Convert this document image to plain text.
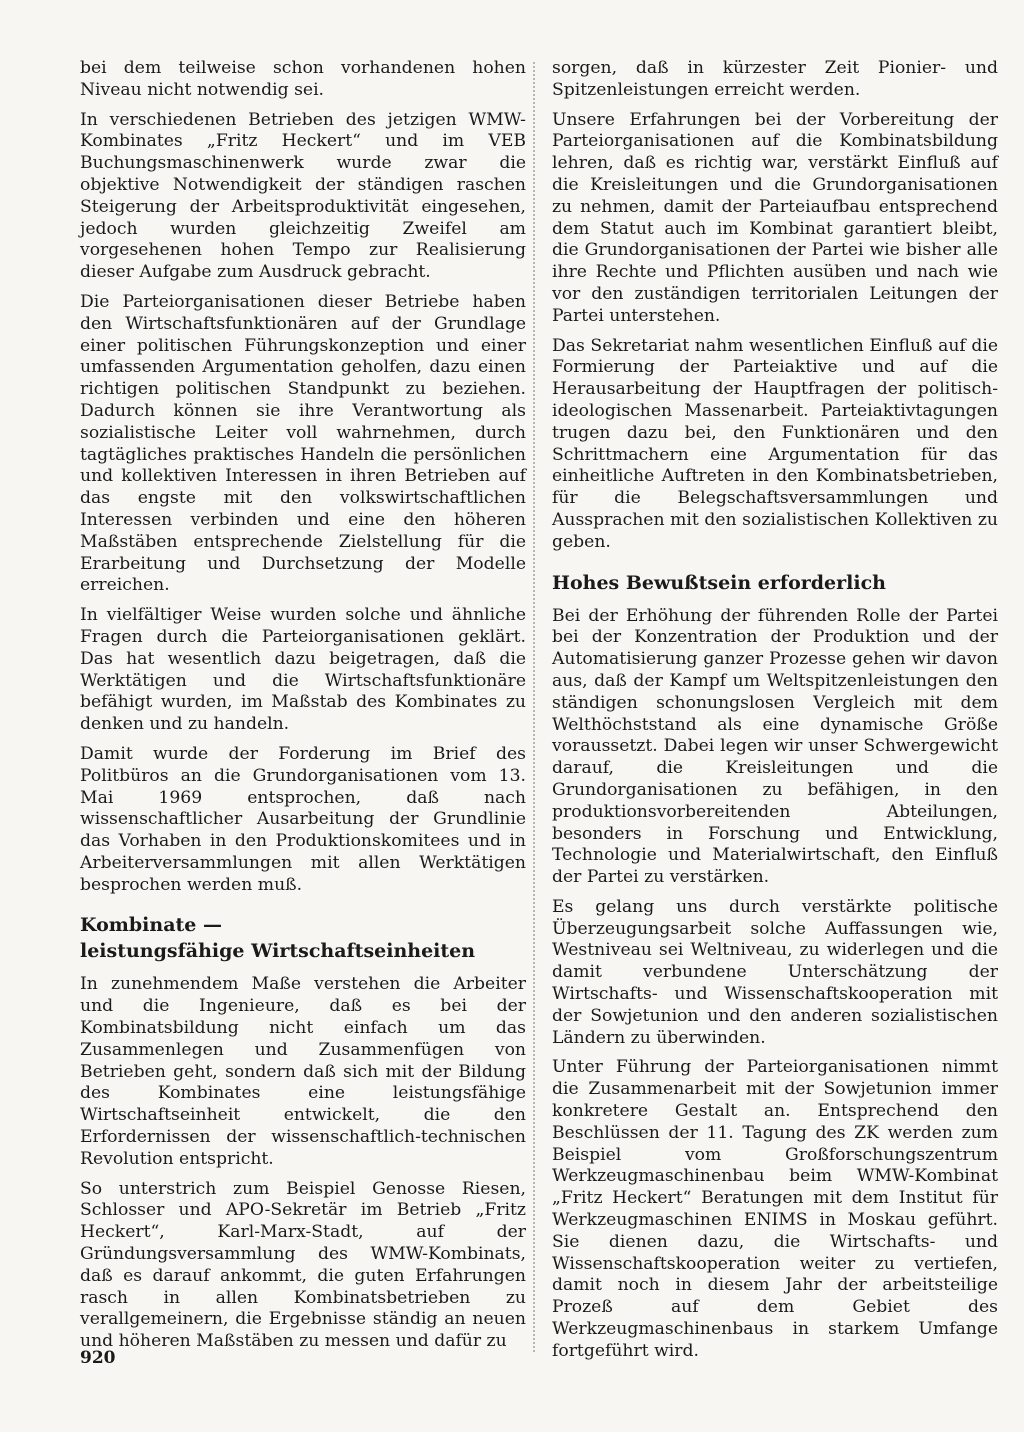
bei dem teilweise schon vorhandenen hohen Niveau nicht notwendig sei.

In verschiedenen Betrieben des jetzigen WMW-Kombinates „Fritz Heckert“ und im VEB Buchungsmaschinenwerk wurde zwar die objektive Notwendigkeit der ständigen raschen Steigerung der Arbeitsproduktivität eingesehen, jedoch wurden gleichzeitig Zweifel am vorgesehenen hohen Tempo zur Realisierung dieser Aufgabe zum Ausdruck gebracht.

Die Parteiorganisationen dieser Betriebe haben den Wirtschaftsfunktionären auf der Grundlage einer politischen Führungskonzeption und einer umfassenden Argumentation geholfen, dazu einen richtigen politischen Standpunkt zu beziehen. Dadurch können sie ihre Verantwortung als sozialistische Leiter voll wahrnehmen, durch tagtägliches praktisches Handeln die persönlichen und kollektiven Interessen in ihren Betrieben auf das engste mit den volkswirtschaftlichen Interessen verbinden und eine den höheren Maßstäben entsprechende Zielstellung für die Erarbeitung und Durchsetzung der Modelle erreichen.

In vielfältiger Weise wurden solche und ähnliche Fragen durch die Parteiorganisationen geklärt. Das hat wesentlich dazu beigetragen, daß die Werktätigen und die Wirtschaftsfunktionäre befähigt wurden, im Maßstab des Kombinates zu denken und zu handeln.

Damit wurde der Forderung im Brief des Politbüros an die Grundorganisationen vom 13. Mai 1969 entsprochen, daß nach wissenschaftlicher Ausarbeitung der Grundlinie das Vorhaben in den Produktionskomitees und in Arbeiterversammlungen mit allen Werktätigen besprochen werden muß.

Kombinate —
leistungsfähige Wirtschaftseinheiten

In zunehmendem Maße verstehen die Arbeiter und die Ingenieure, daß es bei der Kombinatsbildung nicht einfach um das Zusammenlegen und Zusammenfügen von Betrieben geht, sondern daß sich mit der Bildung des Kombinates eine leistungsfähige Wirtschaftseinheit entwickelt, die den Erfordernissen der wissenschaftlich-technischen Revolution entspricht.

So unterstrich zum Beispiel Genosse Riesen, Schlosser und APO-Sekretär im Betrieb „Fritz Heckert“, Karl-Marx-Stadt, auf der Gründungsversammlung des WMW-Kombinats, daß es darauf ankommt, die guten Erfahrungen rasch in allen Kombinatsbetrieben zu verallgemeinern, die Ergebnisse ständig an neuen und höheren Maßstäben zu messen und dafür zu

sorgen, daß in kürzester Zeit Pionier- und Spitzenleistungen erreicht werden.

Unsere Erfahrungen bei der Vorbereitung der Parteiorganisationen auf die Kombinatsbildung lehren, daß es richtig war, verstärkt Einfluß auf die Kreisleitungen und die Grundorganisationen zu nehmen, damit der Parteiaufbau entsprechend dem Statut auch im Kombinat garantiert bleibt, die Grundorganisationen der Partei wie bisher alle ihre Rechte und Pflichten ausüben und nach wie vor den zuständigen territorialen Leitungen der Partei unterstehen.

Das Sekretariat nahm wesentlichen Einfluß auf die Formierung der Parteiaktive und auf die Herausarbeitung der Hauptfragen der politisch-ideologischen Massenarbeit. Parteiaktivtagungen trugen dazu bei, den Funktionären und den Schrittmachern eine Argumentation für das einheitliche Auftreten in den Kombinatsbetrieben, für die Belegschaftsversammlungen und Aussprachen mit den sozialistischen Kollektiven zu geben.

Hohes Bewußtsein erforderlich

Bei der Erhöhung der führenden Rolle der Partei bei der Konzentration der Produktion und der Automatisierung ganzer Prozesse gehen wir davon aus, daß der Kampf um Weltspitzenleistungen den ständigen schonungslosen Vergleich mit dem Welthöchststand als eine dynamische Größe voraussetzt. Dabei legen wir unser Schwergewicht darauf, die Kreisleitungen und die Grundorganisationen zu befähigen, in den produktionsvorbereitenden Abteilungen, besonders in Forschung und Entwicklung, Technologie und Materialwirtschaft, den Einfluß der Partei zu verstärken.

Es gelang uns durch verstärkte politische Überzeugungsarbeit solche Auffassungen wie, Westniveau sei Weltniveau, zu widerlegen und die damit verbundene Unterschätzung der Wirtschafts- und Wissenschaftskooperation mit der Sowjetunion und den anderen sozialistischen Ländern zu überwinden.

Unter Führung der Parteiorganisationen nimmt die Zusammenarbeit mit der Sowjetunion immer konkretere Gestalt an. Entsprechend den Beschlüssen der 11. Tagung des ZK werden zum Beispiel vom Großforschungszentrum Werkzeugmaschinenbau beim WMW-Kombinat „Fritz Heckert“ Beratungen mit dem Institut für Werkzeugmaschinen ENIMS in Moskau geführt. Sie dienen dazu, die Wirtschafts- und Wissenschaftskooperation weiter zu vertiefen, damit noch in diesem Jahr der arbeitsteilige Prozeß auf dem Gebiet des Werkzeugmaschinenbaus in starkem Umfange fortgeführt wird.

920
